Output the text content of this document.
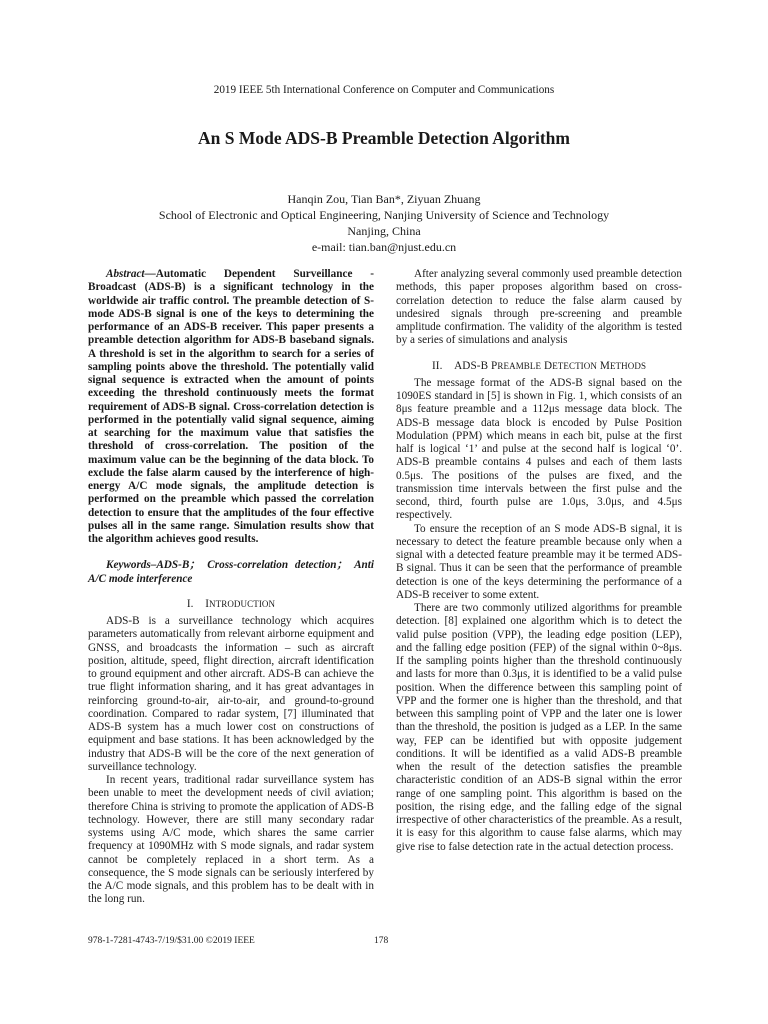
2019 IEEE 5th International Conference on Computer and Communications
An S Mode ADS-B Preamble Detection Algorithm
Hanqin Zou, Tian Ban*, Ziyuan Zhuang
School of Electronic and Optical Engineering, Nanjing University of Science and Technology
Nanjing, China
e-mail: tian.ban@njust.edu.cn

Abstract—Automatic Dependent Surveillance - Broadcast (ADS-B) is a significant technology in the worldwide air traffic control. The preamble detection of S-mode ADS-B signal is one of the keys to determining the performance of an ADS-B receiver. This paper presents a preamble detection algorithm for ADS-B baseband signals. A threshold is set in the algorithm to search for a series of sampling points above the threshold. The potentially valid signal sequence is extracted when the amount of points exceeding the threshold continuously meets the format requirement of ADS-B signal. Cross-correlation detection is performed in the potentially valid signal sequence, aiming at searching for the maximum value that satisfies the threshold of cross-correlation. The position of the maximum value can be the beginning of the data block. To exclude the false alarm caused by the interference of high-energy A/C mode signals, the amplitude detection is performed on the preamble which passed the correlation detection to ensure that the amplitudes of the four effective pulses all in the same range. Simulation results show that the algorithm achieves good results.

Keywords–ADS-B； Cross-correlation detection； Anti A/C mode interference

I. INTRODUCTION

ADS-B is a surveillance technology which acquires parameters automatically from relevant airborne equipment and GNSS, and broadcasts the information – such as aircraft position, altitude, speed, flight direction, aircraft identification to ground equipment and other aircraft. ADS-B can achieve the true flight information sharing, and it has great advantages in reinforcing ground-to-air, air-to-air, and ground-to-ground coordination. Compared to radar system, [7] illuminated that ADS-B system has a much lower cost on constructions of equipment and base stations. It has been acknowledged by the industry that ADS-B will be the core of the next generation of surveillance technology.

In recent years, traditional radar surveillance system has been unable to meet the development needs of civil aviation; therefore China is striving to promote the application of ADS-B technology. However, there are still many secondary radar systems using A/C mode, which shares the same carrier frequency at 1090MHz with S mode signals, and radar system cannot be completely replaced in a short term. As a consequence, the S mode signals can be seriously interfered by the A/C mode signals, and this problem has to be dealt with in the long run.

After analyzing several commonly used preamble detection methods, this paper proposes algorithm based on cross-correlation detection to reduce the false alarm caused by undesired signals through pre-screening and preamble amplitude confirmation. The validity of the algorithm is tested by a series of simulations and analysis

II. ADS-B PREAMBLE DETECTION METHODS

The message format of the ADS-B signal based on the 1090ES standard in [5] is shown in Fig. 1, which consists of an 8μs feature preamble and a 112μs message data block. The ADS-B message data block is encoded by Pulse Position Modulation (PPM) which means in each bit, pulse at the first half is logical ‘1’ and pulse at the second half is logical ‘0’. ADS-B preamble contains 4 pulses and each of them lasts 0.5μs. The positions of the pulses are fixed, and the transmission time intervals between the first pulse and the second, third, fourth pulse are 1.0μs, 3.0μs, and 4.5μs respectively.

To ensure the reception of an S mode ADS-B signal, it is necessary to detect the feature preamble because only when a signal with a detected feature preamble may it be termed ADS-B signal. Thus it can be seen that the performance of preamble detection is one of the keys determining the performance of a ADS-B receiver to some extent.

There are two commonly utilized algorithms for preamble detection. [8] explained one algorithm which is to detect the valid pulse position (VPP), the leading edge position (LEP), and the falling edge position (FEP) of the signal within 0~8μs. If the sampling points higher than the threshold continuously and lasts for more than 0.3μs, it is identified to be a valid pulse position. When the difference between this sampling point of VPP and the former one is higher than the threshold, and that between this sampling point of VPP and the later one is lower than the threshold, the position is judged as a LEP. In the same way, FEP can be identified but with opposite judgement conditions. It will be identified as a valid ADS-B preamble when the result of the detection satisfies the preamble characteristic condition of an ADS-B signal within the error range of one sampling point. This algorithm is based on the position, the rising edge, and the falling edge of the signal irrespective of other characteristics of the preamble. As a result, it is easy for this algorithm to cause false alarms, which may give rise to false detection rate in the actual detection process.

978-1-7281-4743-7/19/$31.00 ©2019 IEEE	178
